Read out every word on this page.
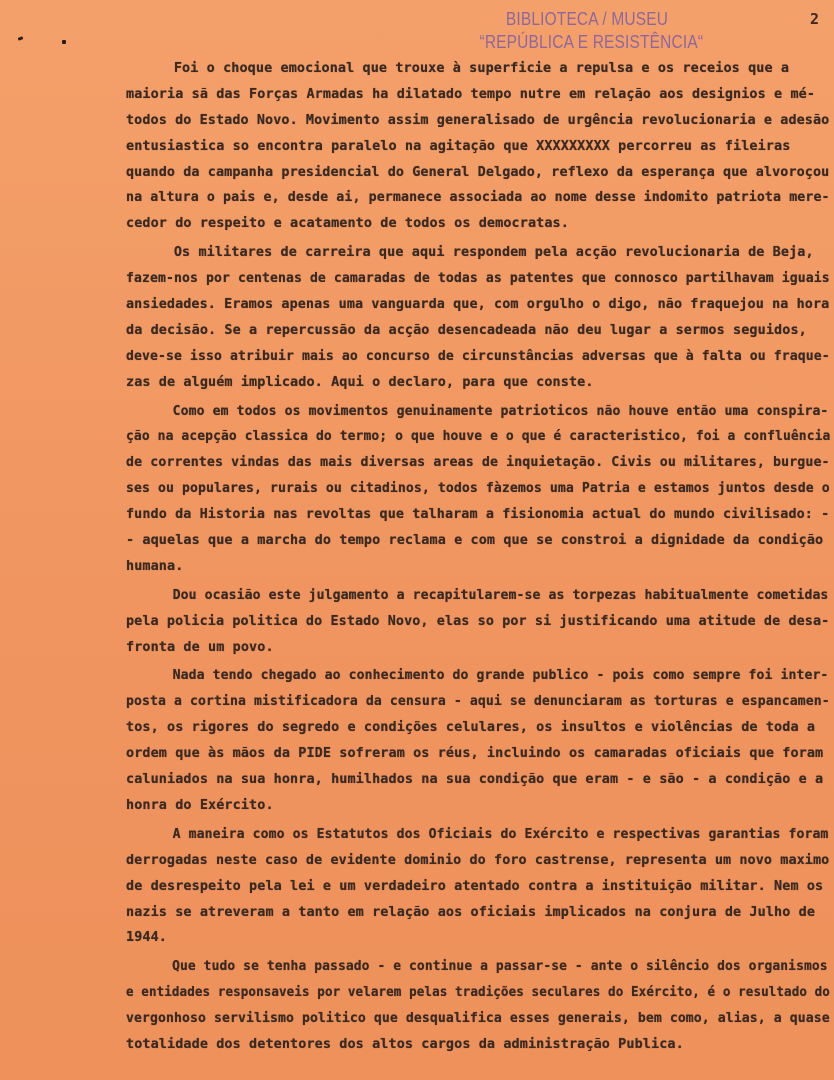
BIBLIOTECA / MUSEU
“REPÚBLICA E RESISTÊNCIA“
2
Foi o choque emocional que trouxe à superficie a repulsa e os receios que a
maioria sã das Forças Armadas ha dilatado tempo nutre em relação aos designios e mé-
todos do Estado Novo. Movimento assim generalisado de urgência revolucionaria e adesão
entusiastica so encontra paralelo na agitação que XXXXXXXXX percorreu as fileiras
quando da campanha presidencial do General Delgado, reflexo da esperança que alvoroçou
na altura o pais e, desde ai, permanece associada ao nome desse indomito patriota mere-
cedor do respeito e acatamento de todos os democratas.
Os militares de carreira que aqui respondem pela acção revolucionaria de Beja,
fazem-nos por centenas de camaradas de todas as patentes que connosco partilhavam iguais
ansiedades. Eramos apenas uma vanguarda que, com orgulho o digo, não fraquejou na hora
da decisão. Se a repercussão da acção desencadeada não deu lugar a sermos seguidos,
deve-se isso atribuir mais ao concurso de circunstâncias adversas que à falta ou fraque-
zas de alguém implicado. Aqui o declaro, para que conste.
Como em todos os movimentos genuinamente patrioticos não houve então uma conspira-
ção na acepção classica do termo; o que houve e o que é caracteristico, foi a confluência
de correntes vindas das mais diversas areas de inquietação. Civis ou militares, burgue-
ses ou populares, rurais ou citadinos, todos fàzemos uma Patria e estamos juntos desde o
fundo da Historia nas revoltas que talharam a fisionomia actual do mundo civilisado: -
- aquelas que a marcha do tempo reclama e com que se constroi a dignidade da condição
humana.
Dou ocasião este julgamento a recapitularem-se as torpezas habitualmente cometidas
pela policia politica do Estado Novo, elas so por si justificando uma atitude de desa-
fronta de um povo.
Nada tendo chegado ao conhecimento do grande publico - pois como sempre foi inter-
posta a cortina mistificadora da censura - aqui se denunciaram as torturas e espancamen-
tos, os rigores do segredo e condições celulares, os insultos e violências de toda a
ordem que às mãos da PIDE sofreram os réus, incluindo os camaradas oficiais que foram
caluniados na sua honra, humilhados na sua condição que eram - e são - a condição e a
honra do Exército.
A maneira como os Estatutos dos Oficiais do Exército e respectivas garantias foram
derrogadas neste caso de evidente dominio do foro castrense, representa um novo maximo
de desrespeito pela lei e um verdadeiro atentado contra a instituição militar. Nem os
nazis se atreveram a tanto em relação aos oficiais implicados na conjura de Julho de
1944.
Que tudo se tenha passado - e continue a passar-se - ante o silêncio dos organismos
e entidades responsaveis por velarem pelas tradições seculares do Exército, é o resultado do
vergonhoso servilismo politico que desqualifica esses generais, bem como, alias, a quase
totalidade dos detentores dos altos cargos da administração Publica.
